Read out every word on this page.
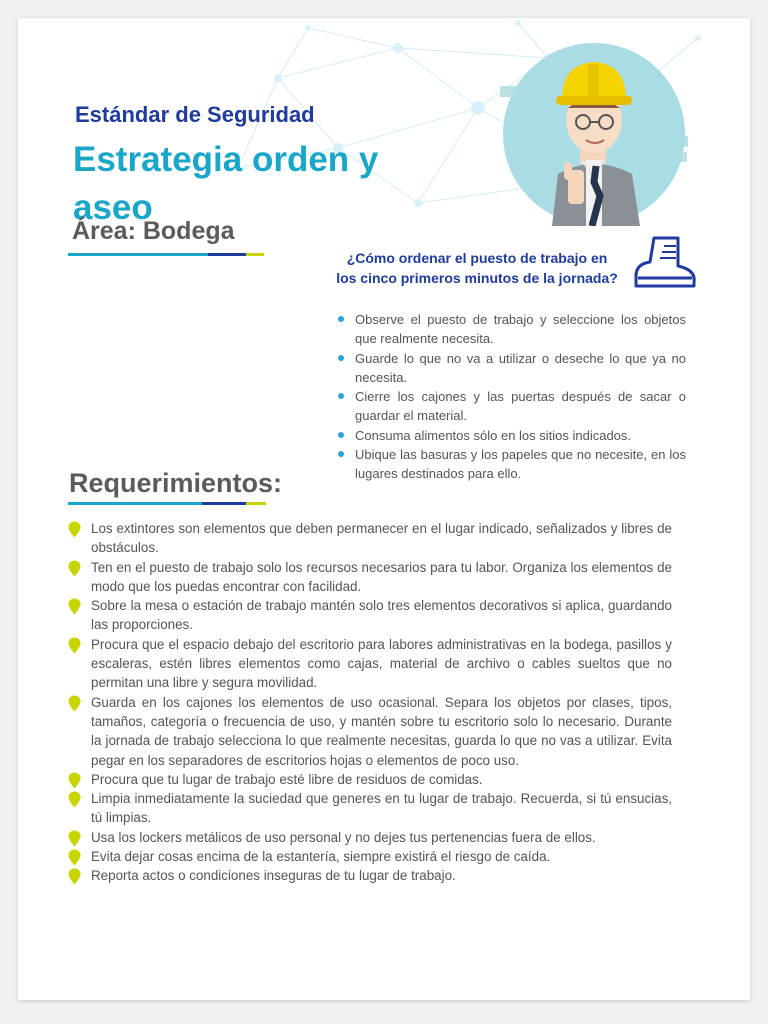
Estándar de Seguridad
Estrategia orden y aseo
Área: Bodega
¿Cómo ordenar el puesto de trabajo en los cinco primeros minutos de la jornada?
Observe el puesto de trabajo y seleccione los objetos que realmente necesita.
Guarde lo que no va a utilizar o deseche lo que ya no necesita.
Cierre los cajones y las puertas después de sacar o guardar el material.
Consuma alimentos sólo en los sitios indicados.
Ubique las basuras y los papeles que no necesite, en los lugares destinados para ello.
Requerimientos:
Los extintores son elementos que deben permanecer en el lugar indicado, señalizados y libres de obstáculos.
Ten en el puesto de trabajo solo los recursos necesarios para tu labor. Organiza los elementos de modo que los puedas encontrar con facilidad.
Sobre la mesa o estación de trabajo mantén solo tres elementos decorativos si aplica, guardando las proporciones.
Procura que el espacio debajo del escritorio para labores administrativas en la bodega, pasillos y escaleras, estén libres elementos como cajas, material de archivo o cables sueltos que no permitan una libre y segura movilidad.
Guarda en los cajones los elementos de uso ocasional. Separa los objetos por clases, tipos, tamaños, categoría o frecuencia de uso, y mantén sobre tu escritorio solo lo necesario. Durante la jornada de trabajo selecciona lo que realmente necesitas, guarda lo que no vas a utilizar. Evita pegar en los separadores de escritorios hojas o elementos de poco uso.
Procura que tu lugar de trabajo esté libre de residuos de comidas.
Limpia inmediatamente la suciedad que generes en tu lugar de trabajo. Recuerda, si tú ensucias, tú limpias.
Usa los lockers metálicos de uso personal y no dejes tus pertenencias fuera de ellos.
Evita dejar cosas encima de la estantería, siempre existirá el riesgo de caída.
Reporta actos o condiciones inseguras de tu lugar de trabajo.
